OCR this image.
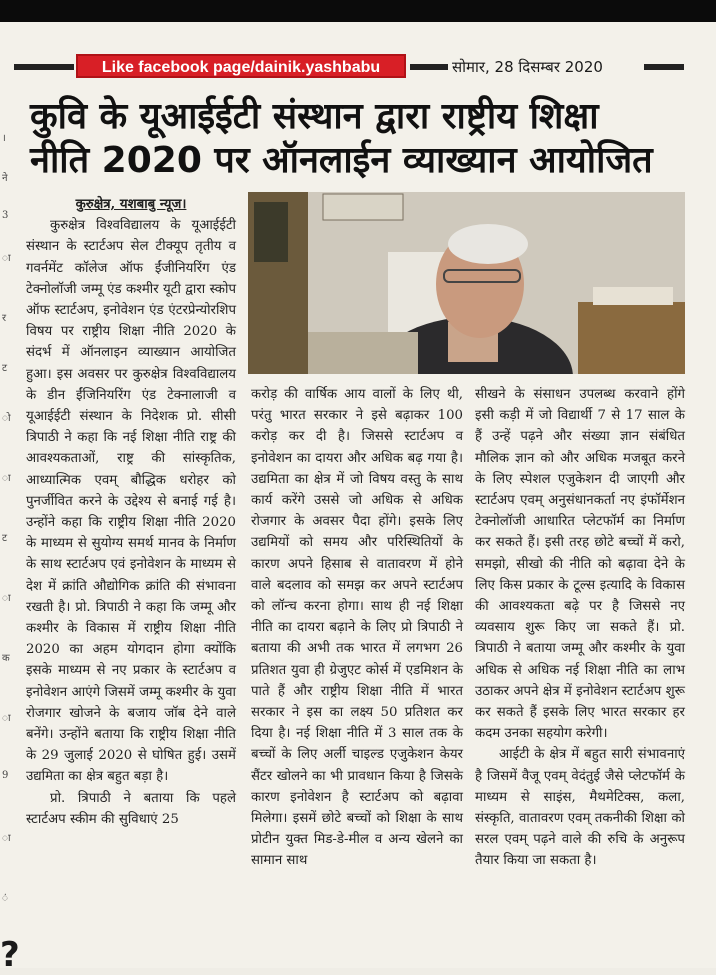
Like facebook page/dainik.yashbabu	सोमार, 28 दिसम्बर 2020
कुवि के यूआईईटी संस्थान द्वारा राष्ट्रीय शिक्षा
नीति 2020 पर ऑनलाईन व्याख्यान आयोजित
।
ने
3
ा
र
ट
ो
ा
ट
ा
क
ा
9
ा
ं

कुरुक्षेत्र, यशबाबु न्यूज।

कुरुक्षेत्र विश्वविद्यालय के यूआईईटी संस्थान के स्टार्टअप सेल टीक्यूप तृतीय व गवर्नमेंट कॉलेज ऑफ ईंजीनियरिंग एंड टेक्नोलॉजी जम्मू एंड कश्मीर यूटी द्वारा स्कोप ऑफ स्टार्टअप, इनोवेशन एंड एंटरप्रेन्योरशिप विषय पर राष्ट्रीय शिक्षा नीति 2020 के संदर्भ में ऑनलाइन व्याख्यान आयोजित हुआ। इस अवसर पर कुरुक्षेत्र विश्वविद्यालय के डीन ईंजिनियरिंग एंड टेक्नालाजी व यूआईईटी संस्थान के निदेशक प्रो. सीसी त्रिपाठी ने कहा कि नई शिक्षा नीति राष्ट्र की आवश्यकताओं, राष्ट्र की सांस्कृतिक, आध्यात्मिक एवम् बौद्धिक धरोहर को पुनर्जीवित करने के उद्देश्य से बनाई गई है। उन्होंने कहा कि राष्ट्रीय शिक्षा नीति 2020 के माध्यम से सुयोग्य समर्थ मानव के निर्माण के साथ स्टार्टअप एवं इनोवेशन के माध्यम से देश में क्रांति औद्योगिक क्रांति की संभावना रखती है। प्रो. त्रिपाठी ने कहा कि जम्मू और कश्मीर के विकास में राष्ट्रीय शिक्षा नीति 2020 का अहम योगदान होगा क्योंकि इसके माध्यम से नए प्रकार के स्टार्टअप व इनोवेशन आएंगे जिसमें जम्मू कश्मीर के युवा रोजगार खोजने के बजाय जॉब देने वाले बनेंगे। उन्होंने बताया कि राष्ट्रीय शिक्षा नीति के 29 जुलाई 2020 से घोषित हुई। उसमें उद्यमिता का क्षेत्र बहुत बड़ा है।

प्रो. त्रिपाठी ने बताया कि पहले स्टार्टअप स्कीम की सुविधाएं 25

करोड़ की वार्षिक आय वालों के लिए थी, परंतु भारत सरकार ने इसे बढ़ाकर 100 करोड़ कर दी है। जिससे स्टार्टअप व इनोवेशन का दायरा और अधिक बढ़ गया है। उद्यमिता का क्षेत्र में जो विषय वस्तु के साथ कार्य करेंगे उससे जो अधिक से अधिक रोजगार के अवसर पैदा होंगे। इसके लिए उद्यमियों को समय और परिस्थितियों के कारण अपने हिसाब से वातावरण में होने वाले बदलाव को समझ कर अपने स्टार्टअप को लॉन्च करना होगा। साथ ही नई शिक्षा नीति का दायरा बढ़ाने के लिए प्रो त्रिपाठी ने बताया की अभी तक भारत में लगभग 26 प्रतिशत युवा ही ग्रेजुएट कोर्स में एडमिशन के पाते हैं और राष्ट्रीय शिक्षा नीति में भारत सरकार ने इस का लक्ष्य 50 प्रतिशत कर दिया है। नई शिक्षा नीति में 3 साल तक के बच्चों के लिए अर्ली चाइल्ड एजुकेशन केयर सैंटर खोलने का भी प्रावधान किया है जिसके कारण इनोवेशन है स्टार्टअप को बढ़ावा मिलेगा। इसमें छोटे बच्चों को शिक्षा के साथ प्रोटीन युक्त मिड-डे-मील व अन्य खेलने का सामान साथ

सीखने के संसाधन उपलब्ध करवाने होंगे इसी कड़ी में जो विद्यार्थी 7 से 17 साल के हैं उन्हें पढ़ने और संख्या ज्ञान संबंधित मौलिक ज्ञान को और अधिक मजबूत करने के लिए स्पेशल एजुकेशन दी जाएगी और स्टार्टअप एवम् अनुसंधानकर्ता नए इंफॉर्मेशन टेक्नोलॉजी आधारित प्लेटफॉर्म का निर्माण कर सकते हैं। इसी तरह छोटे बच्चों में करो, समझो, सीखो की नीति को बढ़ावा देने के लिए किस प्रकार के टूल्स इत्यादि के विकास की आवश्यकता बढ़े पर है जिससे नए व्यवसाय शुरू किए जा सकते हैं। प्रो. त्रिपाठी ने बताया जम्मू और कश्मीर के युवा अधिक से अधिक नई शिक्षा नीति का लाभ उठाकर अपने क्षेत्र में इनोवेशन स्टार्टअप शुरू कर सकते हैं इसके लिए भारत सरकार हर कदम उनका सहयोग करेगी।

आईटी के क्षेत्र में बहुत सारी संभावनाएं है जिसमें वैजू एवम् वेदंतुई जैसे प्लेटफॉर्म के माध्यम से साइंस, मैथमेटिक्स, कला, संस्कृति, वातावरण एवम् तकनीकी शिक्षा को सरल एवम् पढ़ने वाले की रुचि के अनुरूप तैयार किया जा सकता है।

?
